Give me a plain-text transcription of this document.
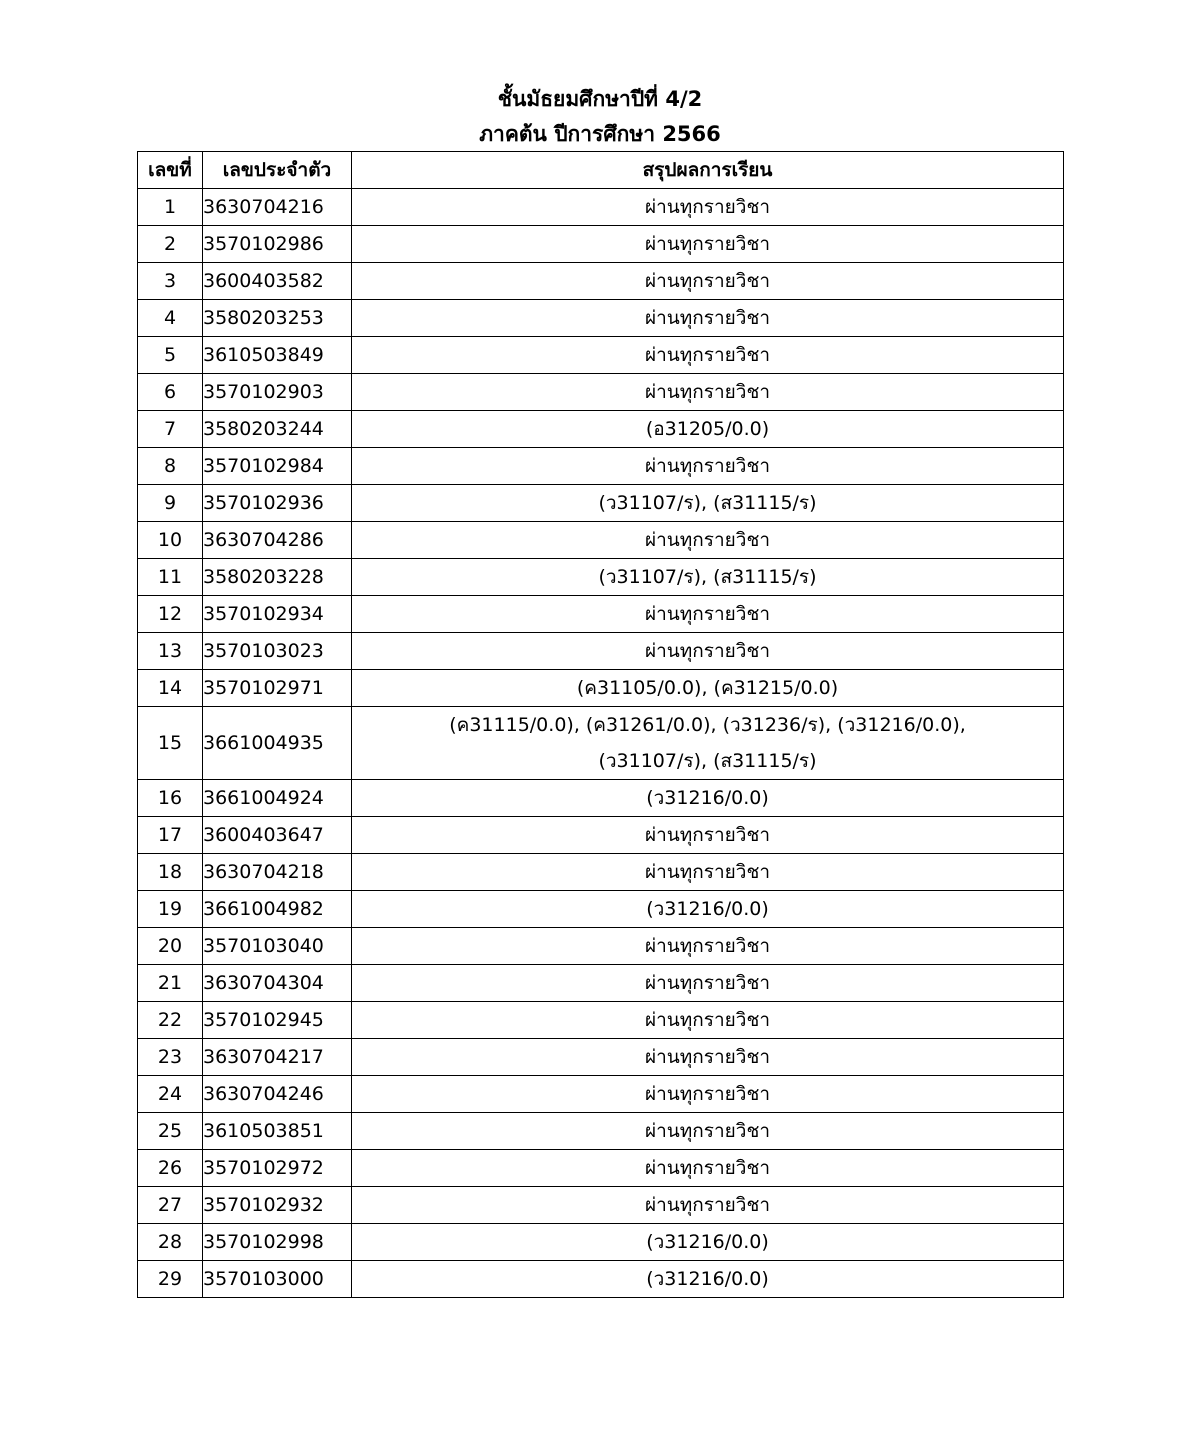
ชั้นมัธยมศึกษาปีที่ 4/2
ภาคต้น ปีการศึกษา 2566
เลขที่	เลขประจำตัว	สรุปผลการเรียน
1	3630704216	ผ่านทุกรายวิชา
2	3570102986	ผ่านทุกรายวิชา
3	3600403582	ผ่านทุกรายวิชา
4	3580203253	ผ่านทุกรายวิชา
5	3610503849	ผ่านทุกรายวิชา
6	3570102903	ผ่านทุกรายวิชา
7	3580203244	(อ31205/0.0)
8	3570102984	ผ่านทุกรายวิชา
9	3570102936	(ว31107/ร), (ส31115/ร)
10	3630704286	ผ่านทุกรายวิชา
11	3580203228	(ว31107/ร), (ส31115/ร)
12	3570102934	ผ่านทุกรายวิชา
13	3570103023	ผ่านทุกรายวิชา
14	3570102971	(ค31105/0.0), (ค31215/0.0)
15	3661004935	(ค31115/0.0), (ค31261/0.0), (ว31236/ร), (ว31216/0.0),
(ว31107/ร), (ส31115/ร)

16	3661004924	(ว31216/0.0)
17	3600403647	ผ่านทุกรายวิชา
18	3630704218	ผ่านทุกรายวิชา
19	3661004982	(ว31216/0.0)
20	3570103040	ผ่านทุกรายวิชา
21	3630704304	ผ่านทุกรายวิชา
22	3570102945	ผ่านทุกรายวิชา
23	3630704217	ผ่านทุกรายวิชา
24	3630704246	ผ่านทุกรายวิชา
25	3610503851	ผ่านทุกรายวิชา
26	3570102972	ผ่านทุกรายวิชา
27	3570102932	ผ่านทุกรายวิชา
28	3570102998	(ว31216/0.0)
29	3570103000	(ว31216/0.0)
